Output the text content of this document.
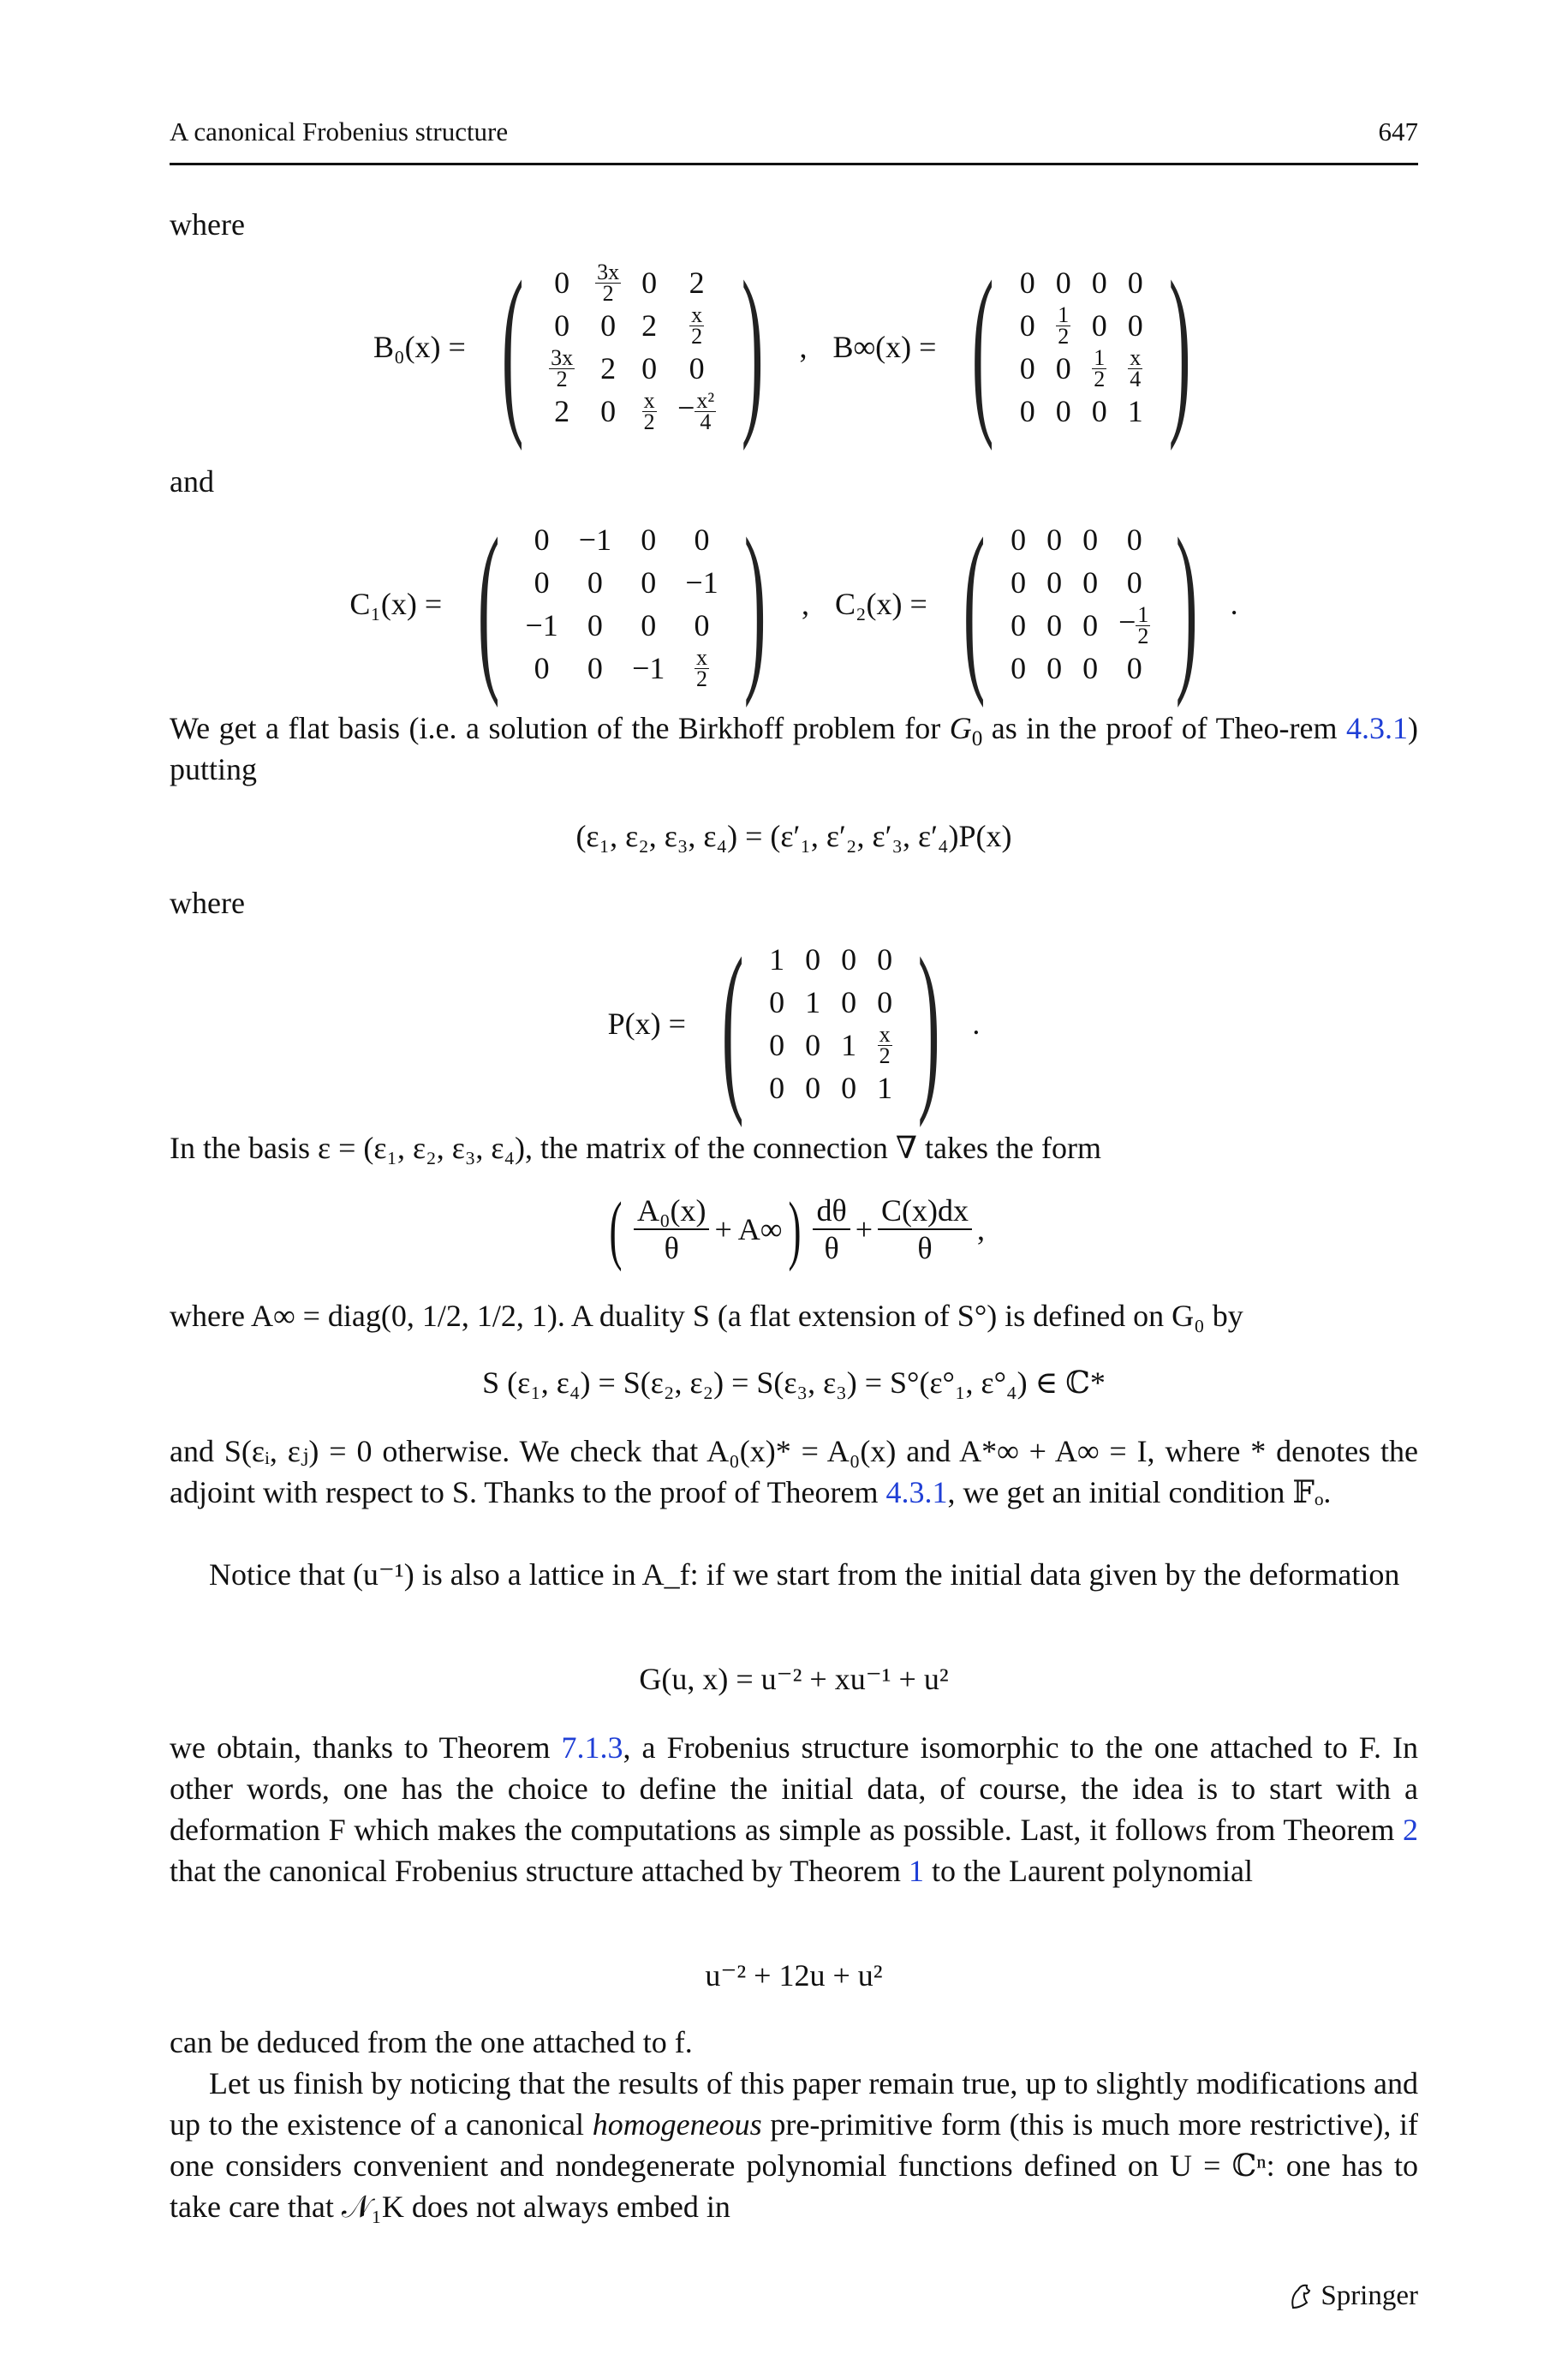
A canonical Frobenius structure	647
where
B₀(x) = ( 0	$\frac{3x}{2}$	0	2
0	0	2	$\frac{x}{2}$

$\frac{3x}{2}$	2	0	0
2	0	$\frac{x}{2}$	− $\frac{\text{x²}}{4}$ ) , B∞(x) = ( 0	0	0	0
0	$\frac{1}{2}$	0	0
0	0	$\frac{1}{2}$	$\frac{x}{4}$

0	0	0	1 )
and
C₁(x) = ( 0	−1	0	0
0	0	0	−1
−1	0	0	0
0	0	−1	$\frac{x}{2}$ ) , C₂(x) = ( 0	0	0	0
0	0	0	0
0	0	0	− $\frac{1}{2}$

0	0	0	0 ) .
We get a flat basis (i.e. a solution of the Birkhoff problem for $G_0$ as in the proof of Theo-rem 4.3.1) putting
(ε₁, ε₂, ε₃, ε₄) = (ε′₁, ε′₂, ε′₃, ε′₄)P(x)
where
P(x) = ( 1	0	0	0
0	1	0	0
0	0	1	$\frac{x}{2}$

0	0	0	1 ) .
In the basis ε = (ε₁, ε₂, ε₃, ε₄), the matrix of the connection ∇ takes the form
( $\frac{\text{A₀(x)}}{\theta} + A\infty$ ) $\frac{d\theta}{\theta} + \frac{C(x)dx}{\theta}$ ,
where A∞ = diag(0, 1/2, 1/2, 1). A duality S (a flat extension of S°) is defined on G₀ by
S (ε₁, ε₄) = S(ε₂, ε₂) = S(ε₃, ε₃) = S°(ε°₁, ε°₄) ∈ ℂ*
and S(εᵢ, εⱼ) = 0 otherwise. We check that A₀(x)* = A₀(x) and A*∞ + A∞ = I, where * denotes the adjoint with respect to S. Thanks to the proof of Theorem 4.3.1, we get an initial condition 𝔽ₒ.
Notice that (u⁻¹) is also a lattice in A_f: if we start from the initial data given by the deformation
G(u, x) = u⁻² + xu⁻¹ + u²
we obtain, thanks to Theorem 7.1.3, a Frobenius structure isomorphic to the one attached to F. In other words, one has the choice to define the initial data, of course, the idea is to start with a deformation F which makes the computations as simple as possible. Last, it follows from Theorem 2 that the canonical Frobenius structure attached by Theorem 1 to the Laurent polynomial
u⁻² + 12u + u²
can be deduced from the one attached to f.
Let us finish by noticing that the results of this paper remain true, up to slightly modifications and up to the existence of a canonical homogeneous pre-primitive form (this is much more restrictive), if one considers convenient and nondegenerate polynomial functions defined on U = ℂⁿ: one has to take care that 𝒩₁K does not always embed in
Springer
